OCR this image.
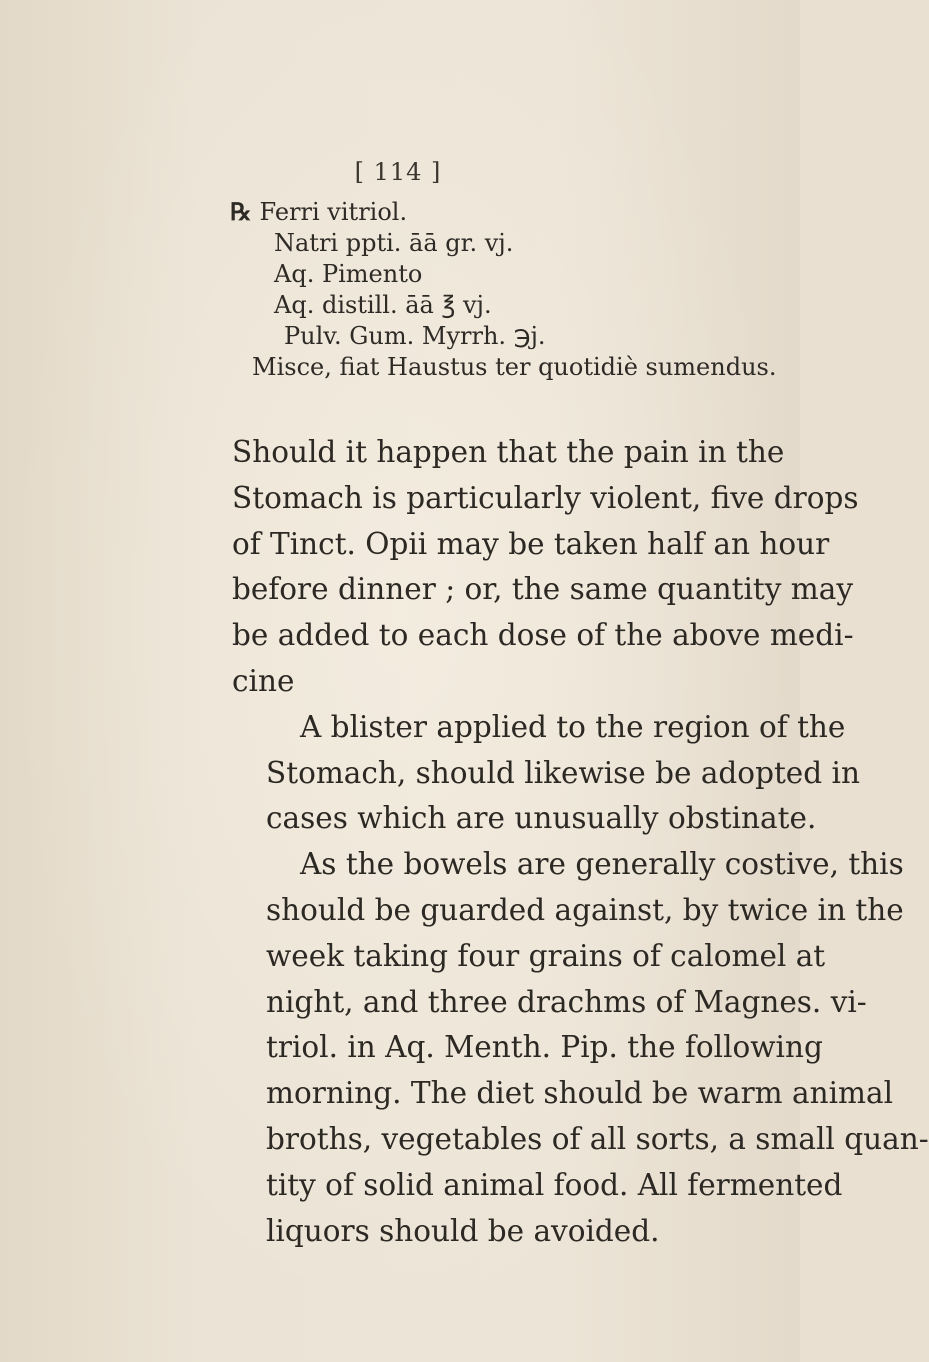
[ 114 ]
℞ Ferri vitriol.
Natri ppti. āā gr. vj.
Aq. Pimento
Aq. distill. āā ℥ vj.
Pulv. Gum. Myrrh. ℈j.
Misce, fiat Haustus ter quotidiè sumendus.
Should it happen that the pain in the
Stomach is particularly violent, five drops
of Tinct. Opii may be taken half an hour
before dinner ; or, the same quantity may
be added to each dose of the above medi-
cine
A blister applied to the region of the
Stomach, should likewise be adopted in
cases which are unusually obstinate.
As the bowels are generally costive, this
should be guarded against, by twice in the
week taking four grains of calomel at
night, and three drachms of Magnes. vi-
triol. in Aq. Menth. Pip. the following
morning. The diet should be warm animal
broths, vegetables of all sorts, a small quan-
tity of solid animal food. All fermented
liquors should be avoided.
